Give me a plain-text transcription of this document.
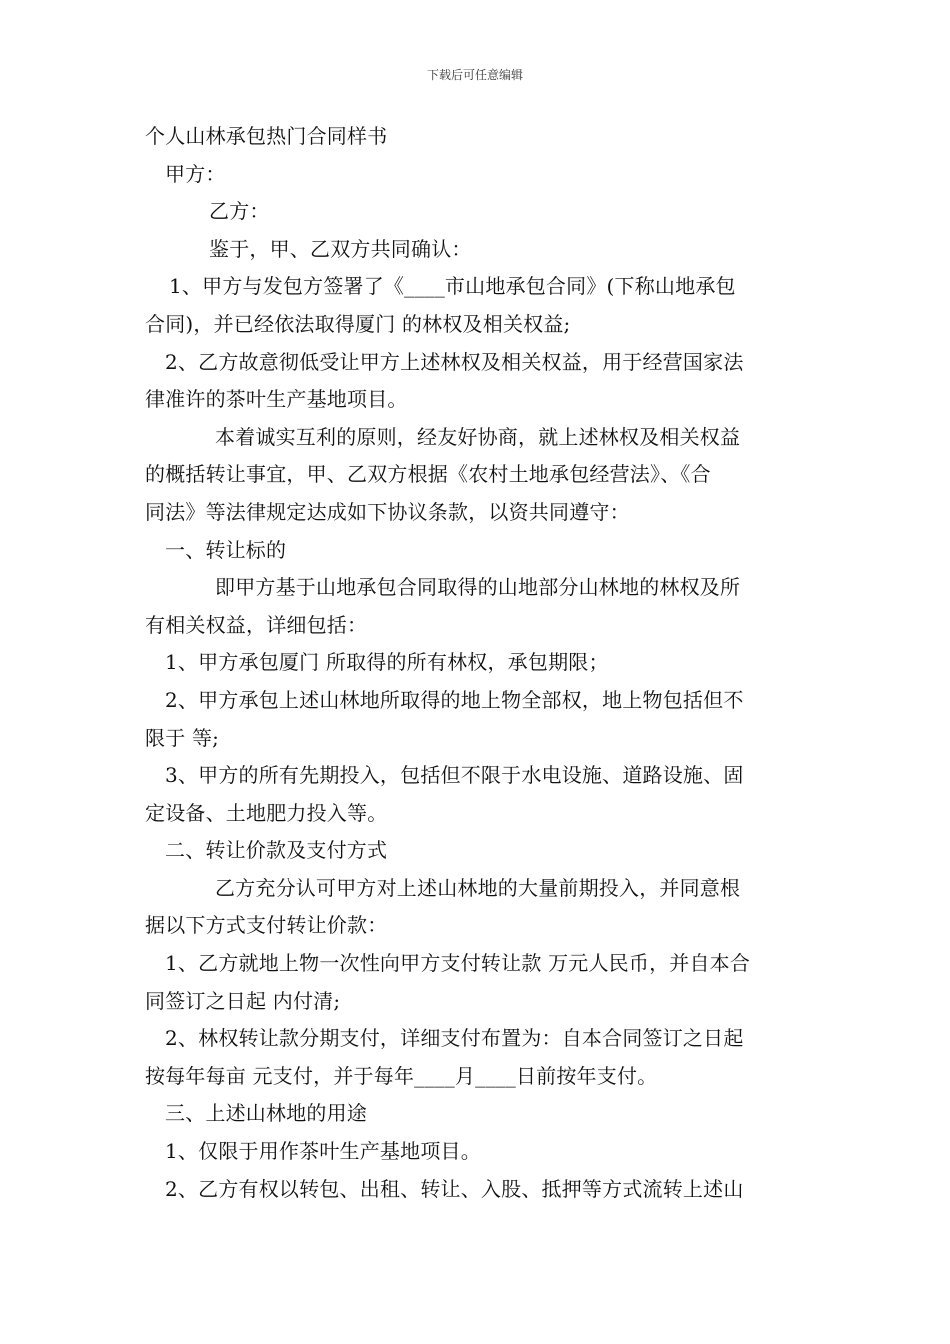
下载后可任意编辑
个人山林承包热门合同样书
甲方：
乙方：
鉴于，甲、乙双方共同确认：
1、甲方与发包方签署了《____市山地承包合同》(下称山地承包
合同)，并已经依法取得厦门 的林权及相关权益;
2、乙方故意彻低受让甲方上述林权及相关权益，用于经营国家法
律准许的茶叶生产基地项目。
本着诚实互利的原则，经友好协商，就上述林权及相关权益
的概括转让事宜，甲、乙双方根据《农村土地承包经营法》、《合
同法》等法律规定达成如下协议条款，以资共同遵守：
一、转让标的
即甲方基于山地承包合同取得的山地部分山林地的林权及所
有相关权益，详细包括：
1、甲方承包厦门 所取得的所有林权，承包期限；
2、甲方承包上述山林地所取得的地上物全部权，地上物包括但不
限于 等;
3、甲方的所有先期投入，包括但不限于水电设施、道路设施、固
定设备、土地肥力投入等。
二、转让价款及支付方式
乙方充分认可甲方对上述山林地的大量前期投入，并同意根
据以下方式支付转让价款：
1、乙方就地上物一次性向甲方支付转让款 万元人民币，并自本合
同签订之日起 内付清;
2、林权转让款分期支付，详细支付布置为：自本合同签订之日起
按每年每亩 元支付，并于每年____月____日前按年支付。
三、上述山林地的用途
1、仅限于用作茶叶生产基地项目。
2、乙方有权以转包、出租、转让、入股、抵押等方式流转上述山
